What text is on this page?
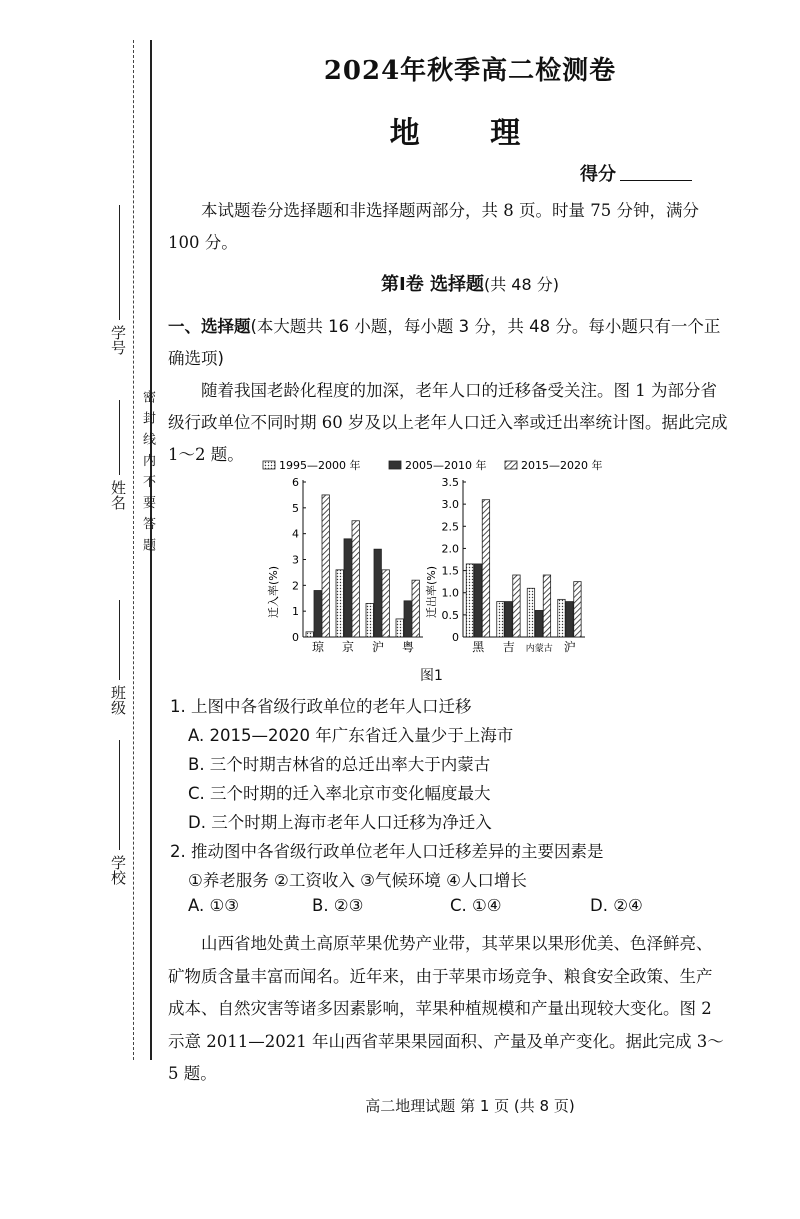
密 封 线 内 不 要 答 题
学号
姓名
班级
学校
2024年秋季高二检测卷
地 理
得分
本试题卷分选择题和非选择题两部分，共 8 页。时量 75 分钟，满分 100 分。
第Ⅰ卷 选择题(共 48 分)
一、选择题(本大题共 16 小题，每小题 3 分，共 48 分。每小题只有一个正确选项)
随着我国老龄化程度的加深，老年人口的迁移备受关注。图 1 为部分省级行政单位不同时期 60 岁及以上老年人口迁入率或迁出率统计图。据此完成 1～2 题。
1995—2000 年	2005—2010 年	2015—2020 年
迁入率(%)
0
1
2
3
4
5
6
琼 京 沪 粤
迁出率(%)
0
0.5
1.0
1.5
2.0
2.5
3.0
3.5
黑 吉 内蒙古 沪
图1
1. 上图中各省级行政单位的老年人口迁移
A. 2015—2020 年广东省迁入量少于上海市
B. 三个时期吉林省的总迁出率大于内蒙古
C. 三个时期的迁入率北京市变化幅度最大
D. 三个时期上海市老年人口迁移为净迁入
2. 推动图中各省级行政单位老年人口迁移差异的主要因素是
①养老服务 ②工资收入 ③气候环境 ④人口增长
A. ①③	B. ②③	C. ①④	D. ②④
山西省地处黄土高原苹果优势产业带，其苹果以果形优美、色泽鲜亮、矿物质含量丰富而闻名。近年来，由于苹果市场竞争、粮食安全政策、生产成本、自然灾害等诸多因素影响，苹果种植规模和产量出现较大变化。图 2 示意 2011—2021 年山西省苹果果园面积、产量及单产变化。据此完成 3～5 题。
高二地理试题 第 1 页 (共 8 页)
